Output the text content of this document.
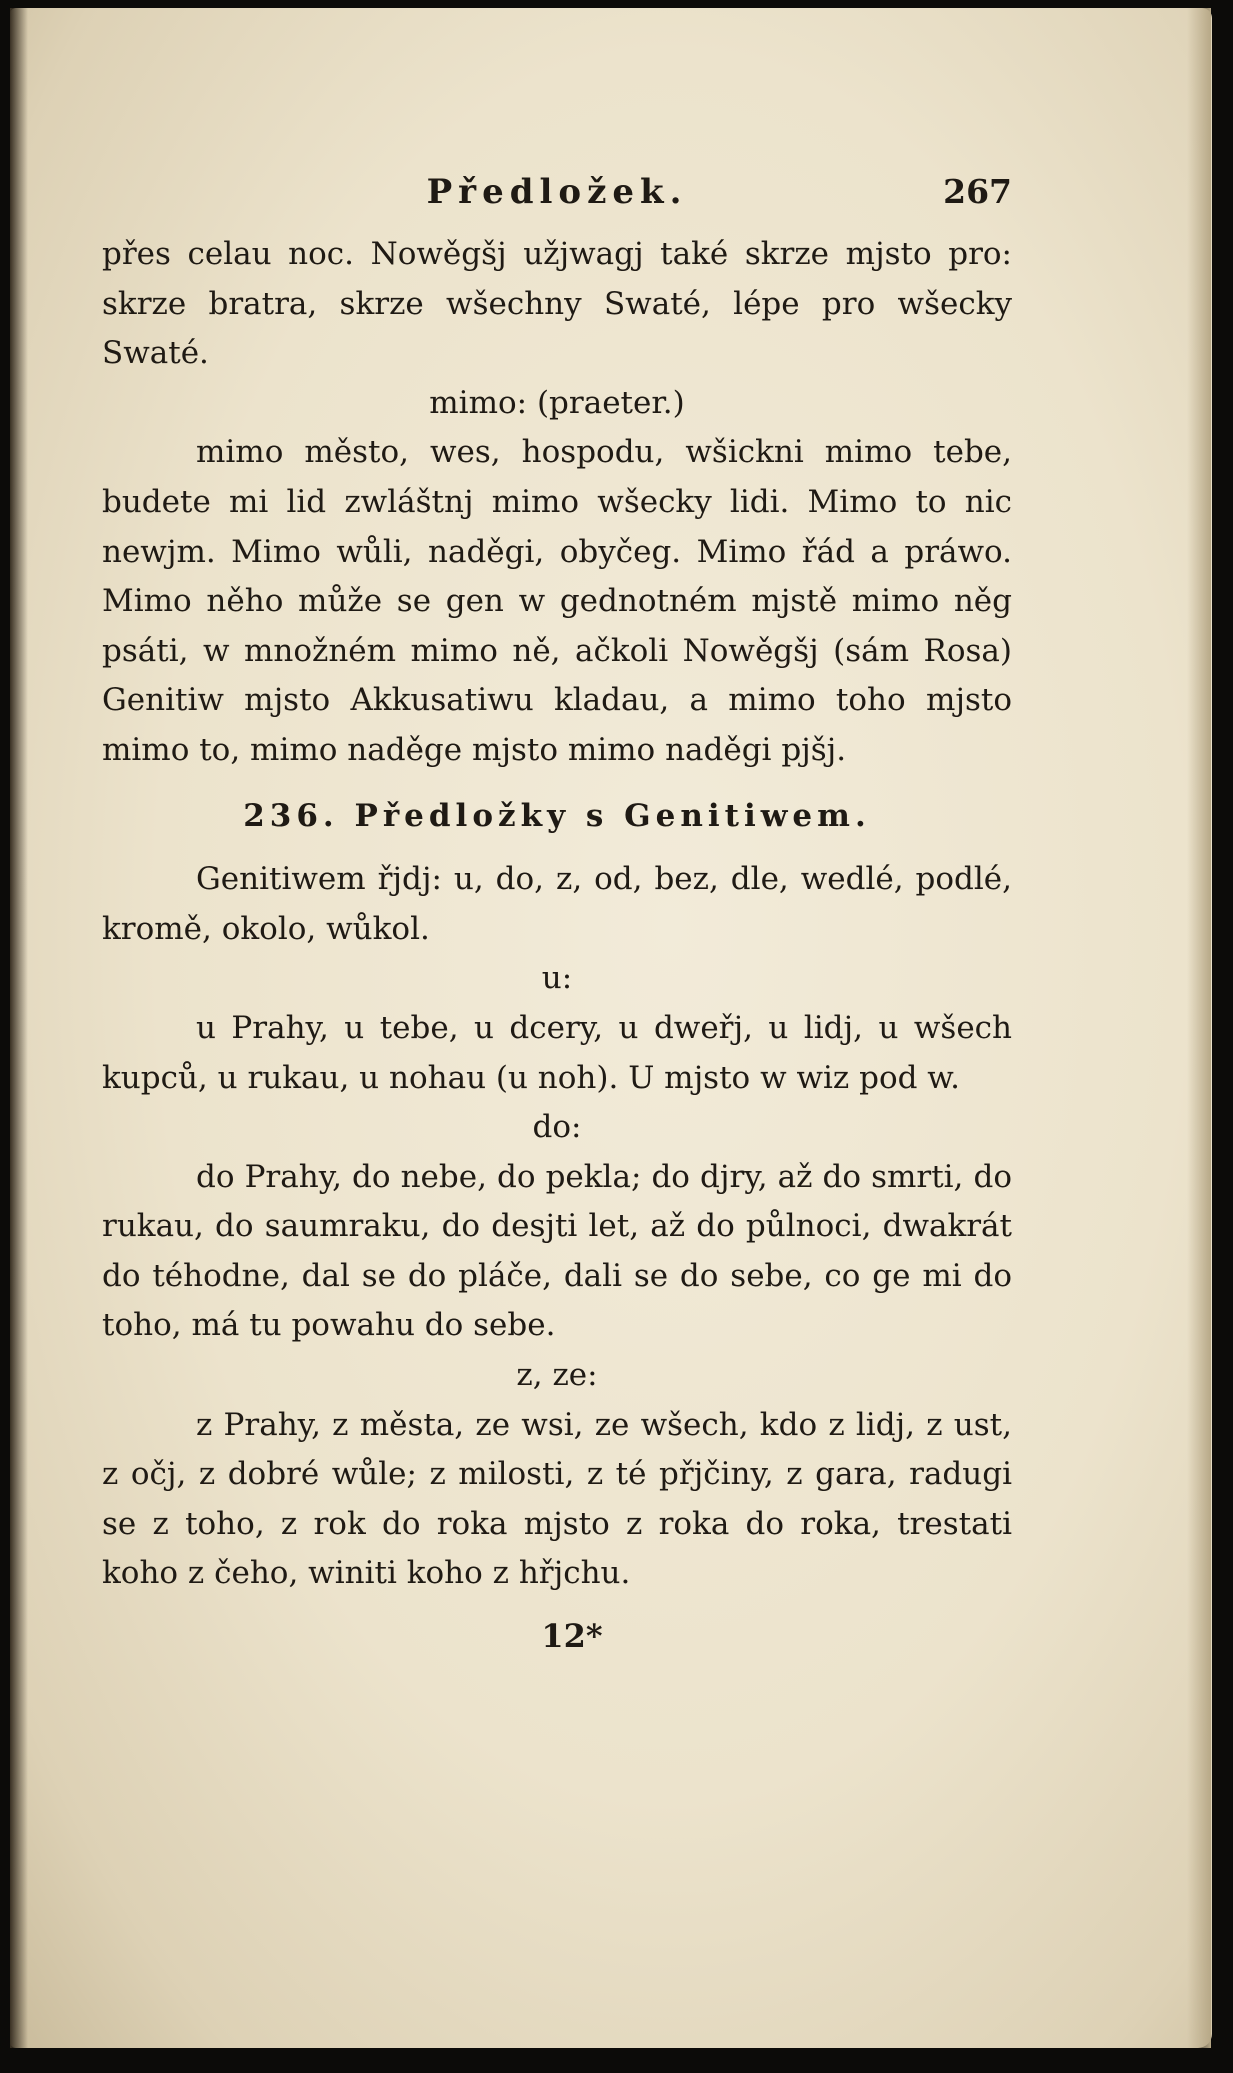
Předložek.	267

přes celau noc. Nowěgšj užjwagj také skrze mjsto pro: skrze bratra, skrze wšechny Swaté, lépe pro wšecky Swaté.

mimo: (praeter.)

mimo město, wes, hospodu, wšickni mimo tebe, budete mi lid zwláštnj mimo wšecky lidi. Mimo to nic newjm. Mimo wůli, naděgi, obyčeg. Mimo řád a práwo. Mimo něho může se gen w gednotném mjstě mimo něg psáti, w množném mimo ně, ačkoli Nowěgšj (sám Rosa) Genitiw mjsto Akkusatiwu kladau, a mimo toho mjsto mimo to, mimo naděge mjsto mimo naděgi pjšj.

236. Předložky s Genitiwem.

Genitiwem řjdj: u, do, z, od, bez, dle, wedlé, podlé, kromě, okolo, wůkol.

u:

u Prahy, u tebe, u dcery, u dweřj, u lidj, u wšech kupců, u rukau, u nohau (u noh). U mjsto w wiz pod w.

do:

do Prahy, do nebe, do pekla; do djry, až do smrti, do rukau, do saumraku, do desjti let, až do půlnoci, dwakrát do téhodne, dal se do pláče, dali se do sebe, co ge mi do toho, má tu powahu do sebe.

z, ze:

z Prahy, z města, ze wsi, ze wšech, kdo z lidj, z ust, z očj, z dobré wůle; z milosti, z té přjčiny, z gara, radugi se z toho, z rok do roka mjsto z roka do roka, trestati koho z čeho, winiti koho z hřjchu.

12*
